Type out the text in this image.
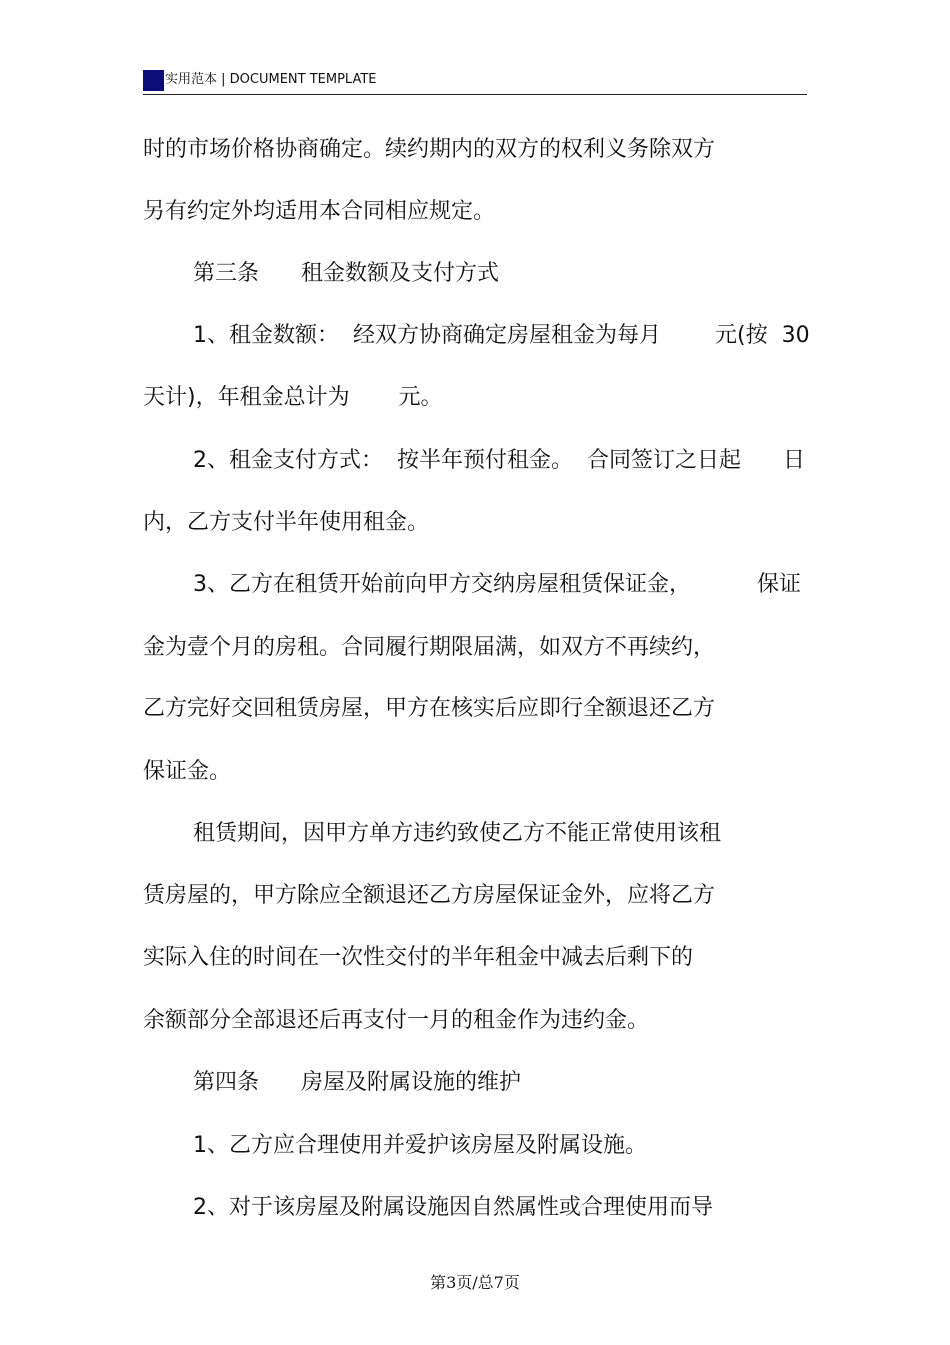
实用范本 | DOCUMENT TEMPLATE
时的市场价格协商确定。续约期内的双方的权利义务除双方
另有约定外均适用本合同相应规定。
第三条      租金数额及支付方式
1、租金数额：  经双方协商确定房屋租金为每月 元(按  30
天计)，年租金总计为       元。
2、租金支付方式：  按半年预付租金。  合同签订之日起 日
内，乙方支付半年使用租金。
3、乙方在租赁开始前向甲方交纳房屋租赁保证金，	保证
金为壹个月的房租。合同履行期限届满，如双方不再续约，
乙方完好交回租赁房屋，甲方在核实后应即行全额退还乙方
保证金。
租赁期间，因甲方单方违约致使乙方不能正常使用该租
赁房屋的，甲方除应全额退还乙方房屋保证金外，应将乙方
实际入住的时间在一次性交付的半年租金中减去后剩下的
余额部分全部退还后再支付一月的租金作为违约金。
第四条      房屋及附属设施的维护
1、乙方应合理使用并爱护该房屋及附属设施。
2、对于该房屋及附属设施因自然属性或合理使用而导
第3页/总7页
